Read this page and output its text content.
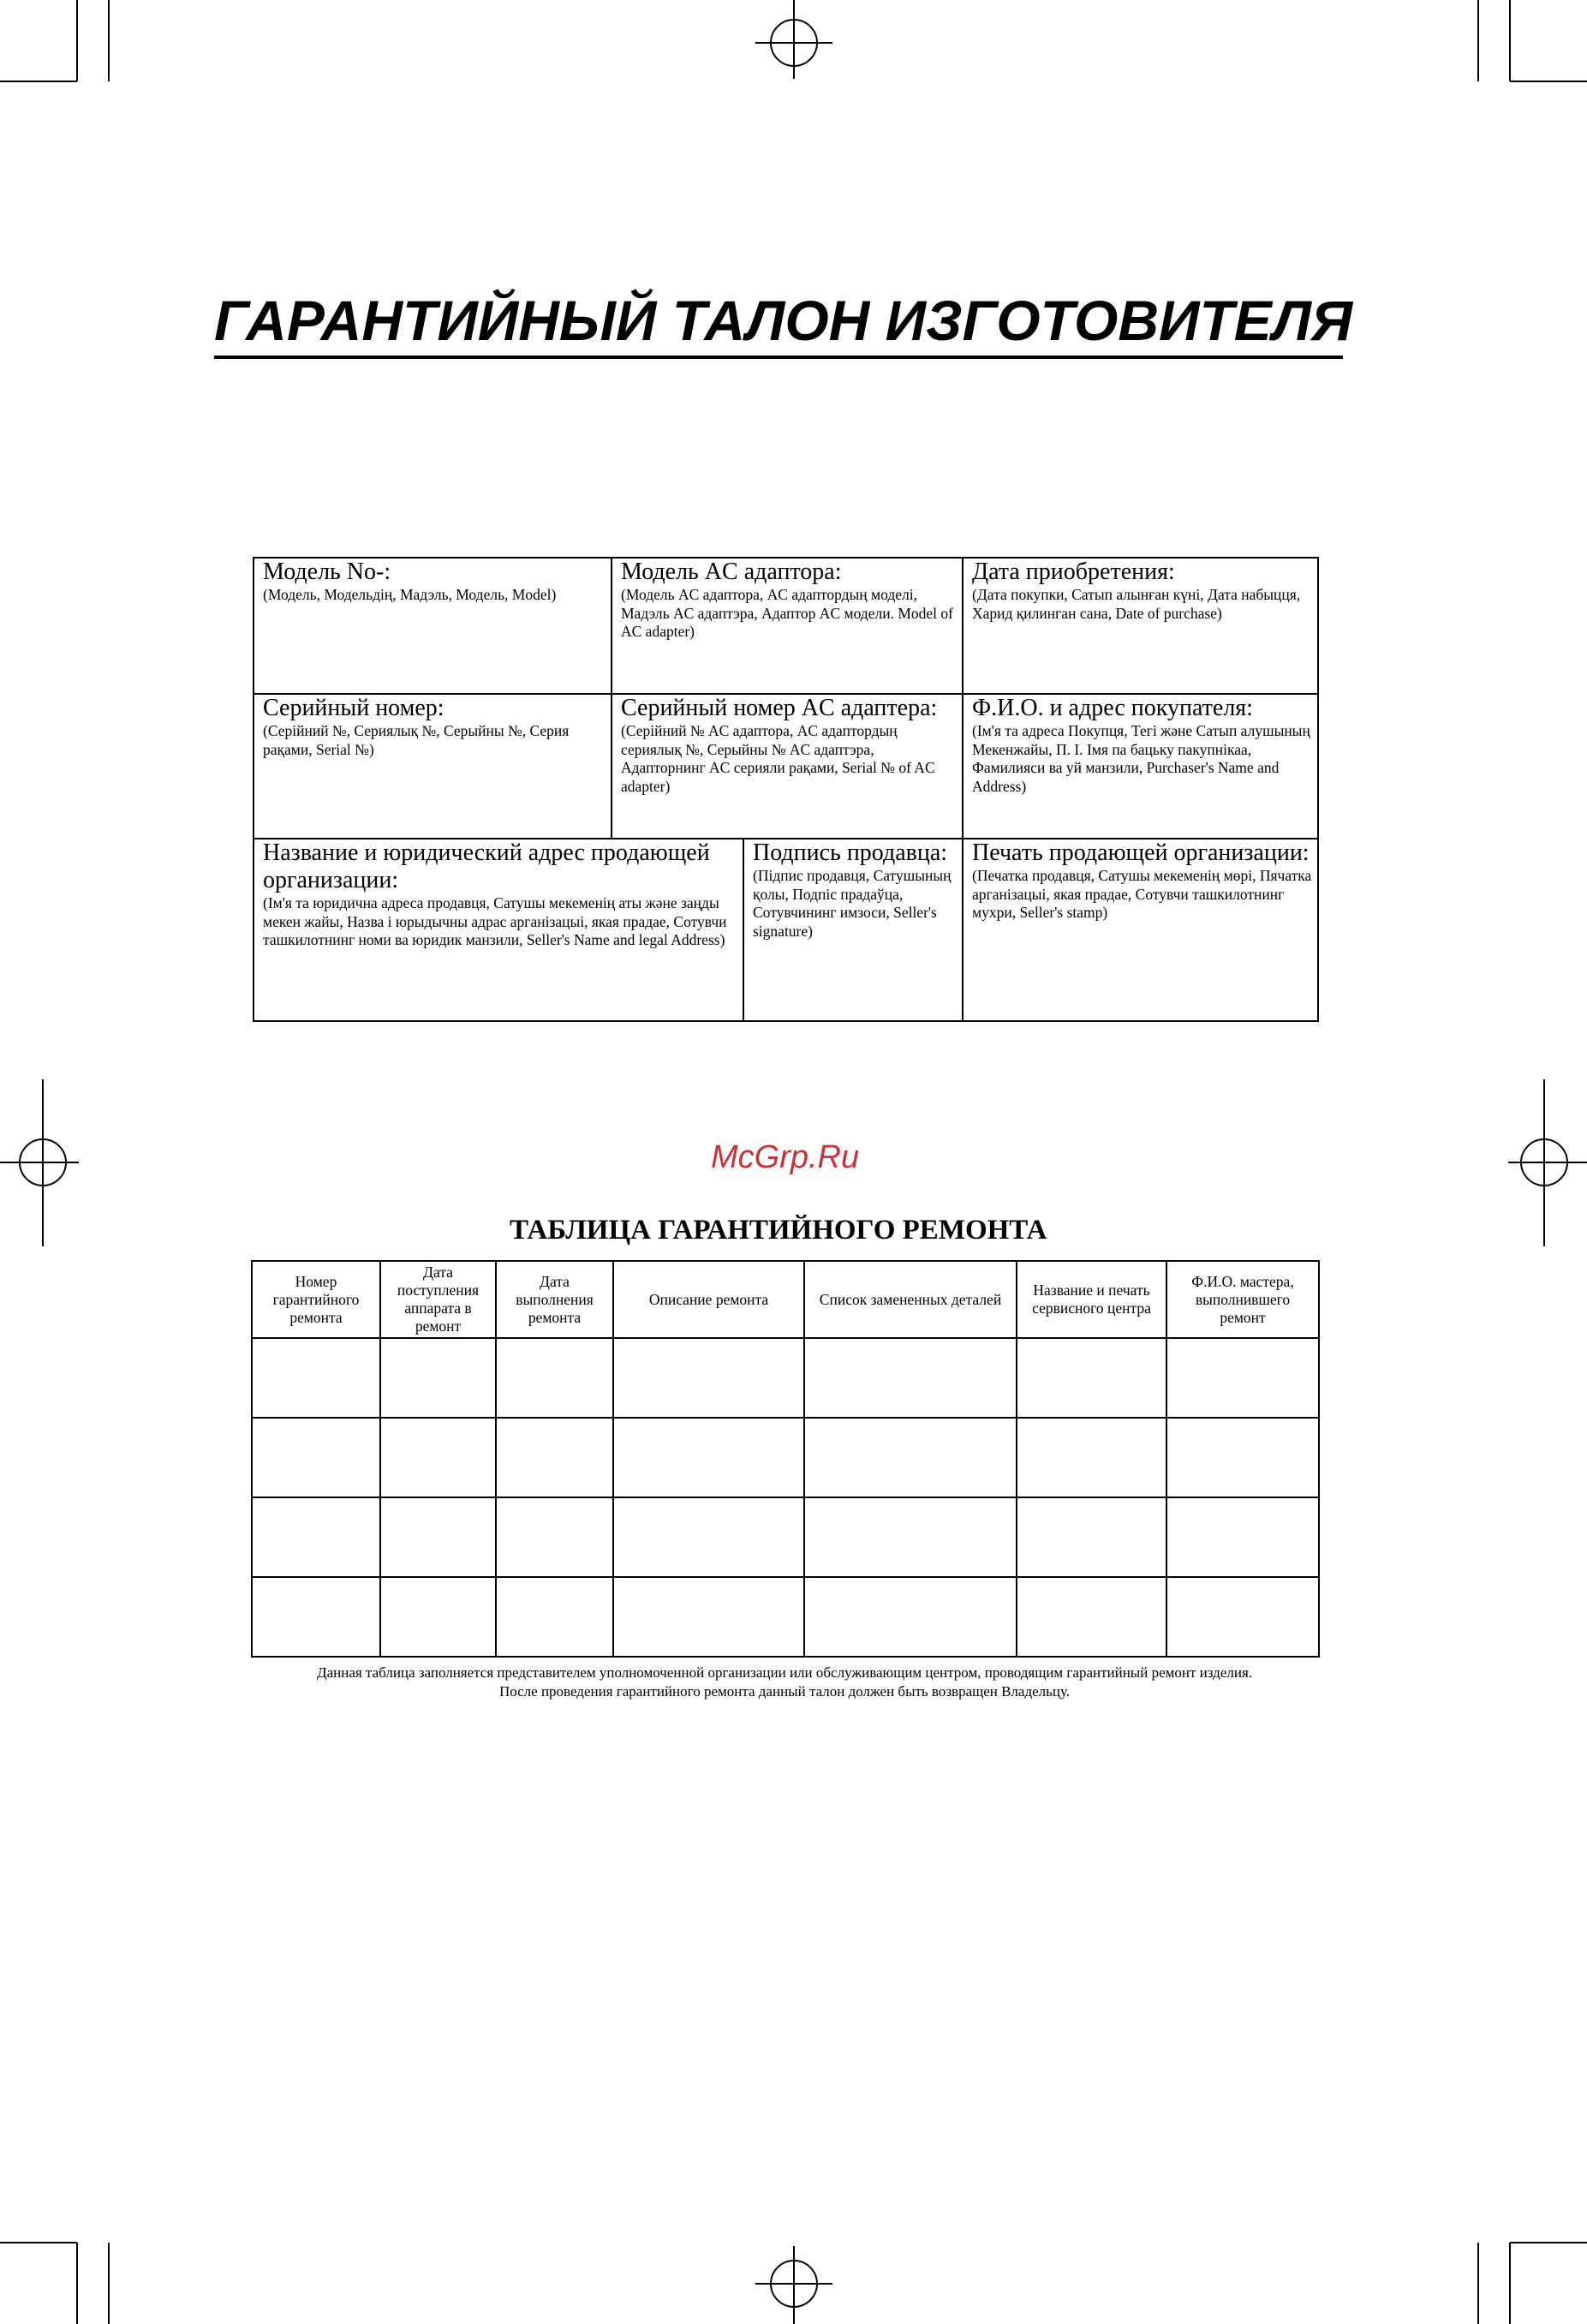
ГАРАНТИЙНЫЙ ТАЛОН ИЗГОТОВИТЕЛЯ
Модель No-:
(Модель, Модельдің, Мадэль, Модель, Model)
Модель AC адаптора:
(Модель AC адаптора, AC адаптордың моделі, Мадэль AC адаптэра, Адаптор AC модели. Model of AC adapter)
Дата приобретения:
(Дата покупки, Сатып алынған күні, Дата набыцця, Харид қилинган сана, Date of purchase)
Серийный номер:
(Серійний №, Сериялық №, Серыйны №, Серия рақами, Serial №)
Серийный номер AC адаптера:
(Серійний № AC адаптора, AC адаптордың сериялық №, Серыйны № AC адаптэра, Адапторнинг AC серияли рақами, Serial № of AC adapter)
Ф.И.О. и адрес покупателя:
(Ім'я та адреса Покупця, Тегі және Сатып алушының Мекенжайы, П. І. Імя па бацьку пакупнікаа, Фамилияси ва уй манзили, Purchaser's Name and Address)
Название и юридический адрес продающей организации:
(Ім'я та юридична адреса продавця, Сатушы мекеменің аты және заңды мекен жайы, Назва і юрыдычны адрас арганізацыі, якая прадае, Сотувчи ташкилотнинг номи ва юридик манзили, Seller's Name and legal Address)
Подпись продавца:
(Підпис продавця, Сатушының қолы, Подпіс прадаўца, Сотувчининг имзоси, Seller's signature)
Печать продающей организации:
(Печатка продавця, Сатушы мекеменің мөрі, Пячатка арганізацыі, якая прадае, Сотувчи ташкилотнинг мухри, Seller's stamp)
McGrp.Ru
ТАБЛИЦА ГАРАНТИЙНОГО РЕМОНТА
Номер гарантийного ремонта	Дата поступления аппарата в ремонт	Дата выполнения ремонта	Описание ремонта	Список замененных деталей	Название и печать сервисного центра	Ф.И.О. мастера, выполнившего ремонт

Данная таблица заполняется представителем уполномоченной организации или обслуживающим центром, проводящим гарантийный ремонт изделия.
После проведения гарантийного ремонта данный талон должен быть возвращен Владельцу.
